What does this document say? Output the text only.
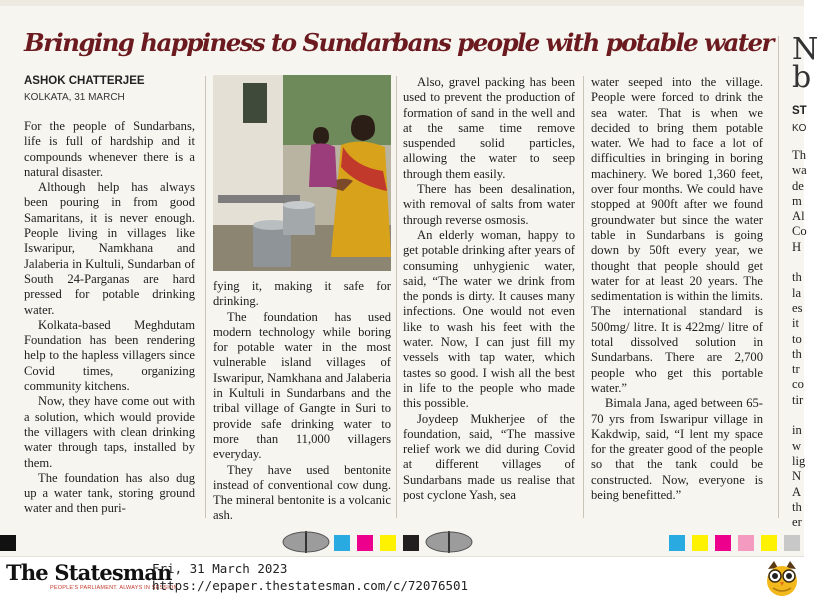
Bringing happiness to Sundarbans people with potable water
ASHOK CHATTERJEE
KOLKATA, 31 MARCH

For the people of Sundarbans, life is full of hardship and it compounds whenever there is a natural disaster.

Although help has always been pouring in from good Samaritans, it is never enough. People living in villages like Iswaripur, Namkhana and Jalaberia in Kultuli, Sundarban of South 24-Parganas are hard pressed for potable drinking water.

Kolkata-based Meghdutam Foundation has been rendering help to the hapless villagers since Covid times, organizing community kitchens.

Now, they have come out with a solution, which would provide the villagers with clean drinking water through taps, installed by them.

The foundation has also dug up a water tank, storing ground water and then puri-

fying it, making it safe for drinking.

The foundation has used modern technology while boring for potable water in the most vulnerable island villages of Iswaripur, Namkhana and Jalaberia in Kultuli in Sundarbans and the tribal village of Gangte in Suri to provide safe drinking water to more than 11,000 villagers everyday.

They have used bentonite instead of conventional cow dung. The mineral bentonite is a volcanic ash.

Also, gravel packing has been used to prevent the production of formation of sand in the well and at the same time remove suspended solid particles, allowing the water to seep through them easily.

There has been desalination, with removal of salts from water through reverse osmosis.

An elderly woman, happy to get potable drinking after years of consuming unhygienic water, said, “The water we drink from the ponds is dirty. It causes many infections. One would not even like to wash his feet with the water. Now, I can just fill my vessels with tap water, which tastes so good. I wish all the best in life to the people who made this possible.

Joydeep Mukherjee of the foundation, said, “The massive relief work we did during Covid at different villages of Sundarbans made us realise that post cyclone Yash, sea

water seeped into the village. People were forced to drink the sea water. That is when we decided to bring them potable water. We had to face a lot of difficulties in bringing in boring machinery. We bored 1,360 feet, over four months. We could have stopped at 900ft after we found groundwater but since the water table in Sundarbans is going down by 50ft every year, we thought that people should get water for at least 20 years. The sedimentation is within the limits. The international standard is 500mg/ litre. It is 422mg/ litre of total dissolved solution in Sundarbans. There are 2,700 people who get this portable water.”

Bimala Jana, aged between 65-70 yrs from Iswaripur village in Kakdwip, said, “I lent my space for the greater good of the people so that the tank could be constructed. Now, everyone is being benefitted.”

N
b
ST
KO
Th
wa
de
m
Al
Co
H
th
la
es
it
to
th
tr
co
tir
in
w
lig
N
A
th
er
The Statesman
PEOPLE'S PARLIAMENT. ALWAYS IN SESSION
Fri, 31 March 2023
https://epaper.thestatesman.com/c/72076501
